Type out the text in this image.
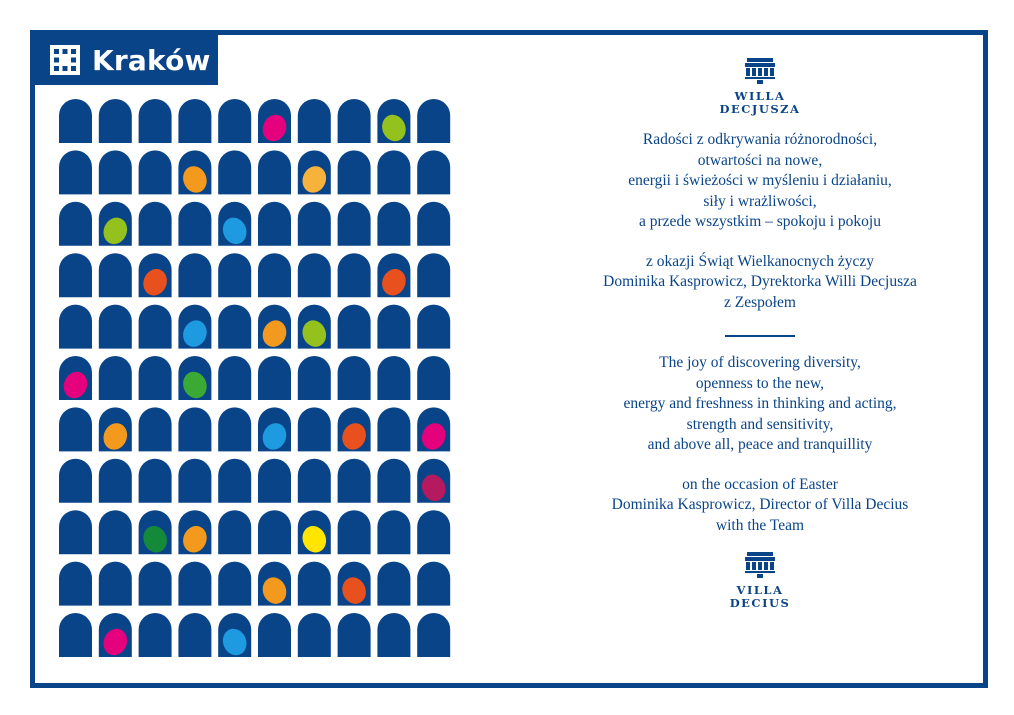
Kraków
WILLA
DECJUSZA
Radości z odkrywania różnorodności,
otwartości na nowe,
energii i świeżości w myśleniu i działaniu,
siły i wrażliwości,
a przede wszystkim – spokoju i pokoju
z okazji Świąt Wielkanocnych życzy
Dominika Kasprowicz, Dyrektorka Willi Decjusza
z Zespołem
The joy of discovering diversity,
openness to the new,
energy and freshness in thinking and acting,
strength and sensitivity,
and above all, peace and tranquillity
on the occasion of Easter
Dominika Kasprowicz, Director of Villa Decius
with the Team
VILLA
DECIUS
